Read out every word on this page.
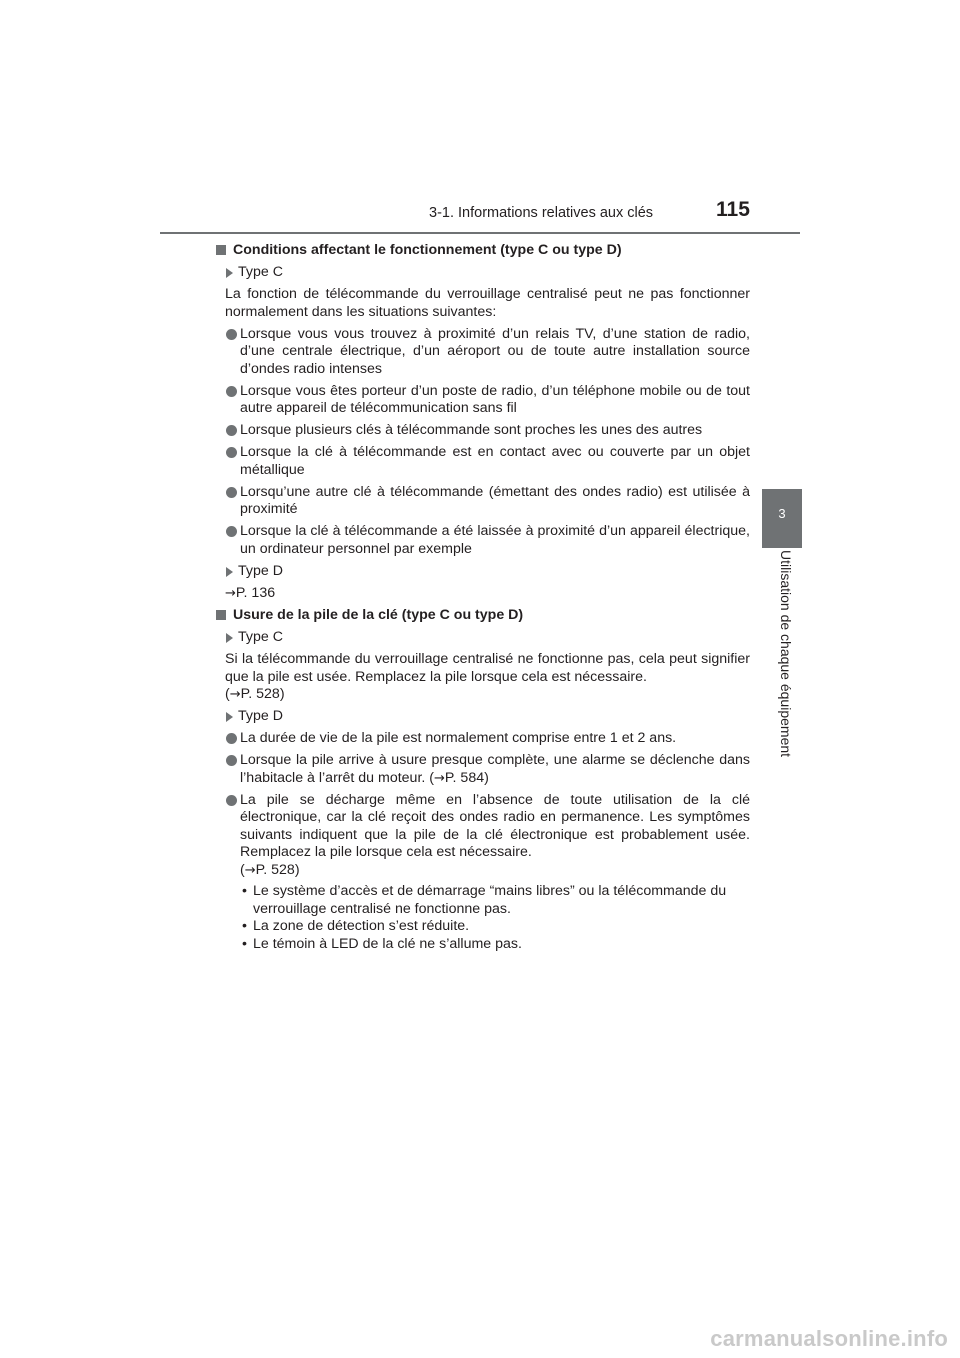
3-1. Informations relatives aux clés	115
3
Utilisation de chaque équipement
Conditions affectant le fonctionnement (type C ou type D)
Type C
La fonction de télécommande du verrouillage centralisé peut ne pas fonctionner normalement dans les situations suivantes:
Lorsque vous vous trouvez à proximité d’un relais TV, d’une station de radio, d’une centrale électrique, d’un aéroport ou de toute autre installation source d’ondes radio intenses
Lorsque vous êtes porteur d’un poste de radio, d’un téléphone mobile ou de tout autre appareil de télécommunication sans fil
Lorsque plusieurs clés à télécommande sont proches les unes des autres
Lorsque la clé à télécommande est en contact avec ou couverte par un objet métallique
Lorsqu’une autre clé à télécommande (émettant des ondes radio) est utilisée à proximité
Lorsque la clé à télécommande a été laissée à proximité d’un appareil électrique, un ordinateur personnel par exemple
Type D
→P. 136
Usure de la pile de la clé (type C ou type D)
Type C
Si la télécommande du verrouillage centralisé ne fonctionne pas, cela peut signifier que la pile est usée. Remplacez la pile lorsque cela est nécessaire.
(→P. 528)
Type D
La durée de vie de la pile est normalement comprise entre 1 et 2 ans.
Lorsque la pile arrive à usure presque complète, une alarme se déclenche dans l’habitacle à l’arrêt du moteur. (→P. 584)
La pile se décharge même en l’absence de toute utilisation de la clé électronique, car la clé reçoit des ondes radio en permanence. Les symptômes suivants indiquent que la pile de la clé électronique est probablement usée. Remplacez la pile lorsque cela est nécessaire.
(→P. 528)
• Le système d’accès et de démarrage “mains libres” ou la télécommande du verrouillage centralisé ne fonctionne pas.
• La zone de détection s’est réduite.
• Le témoin à LED de la clé ne s’allume pas.
carmanualsonline.info
